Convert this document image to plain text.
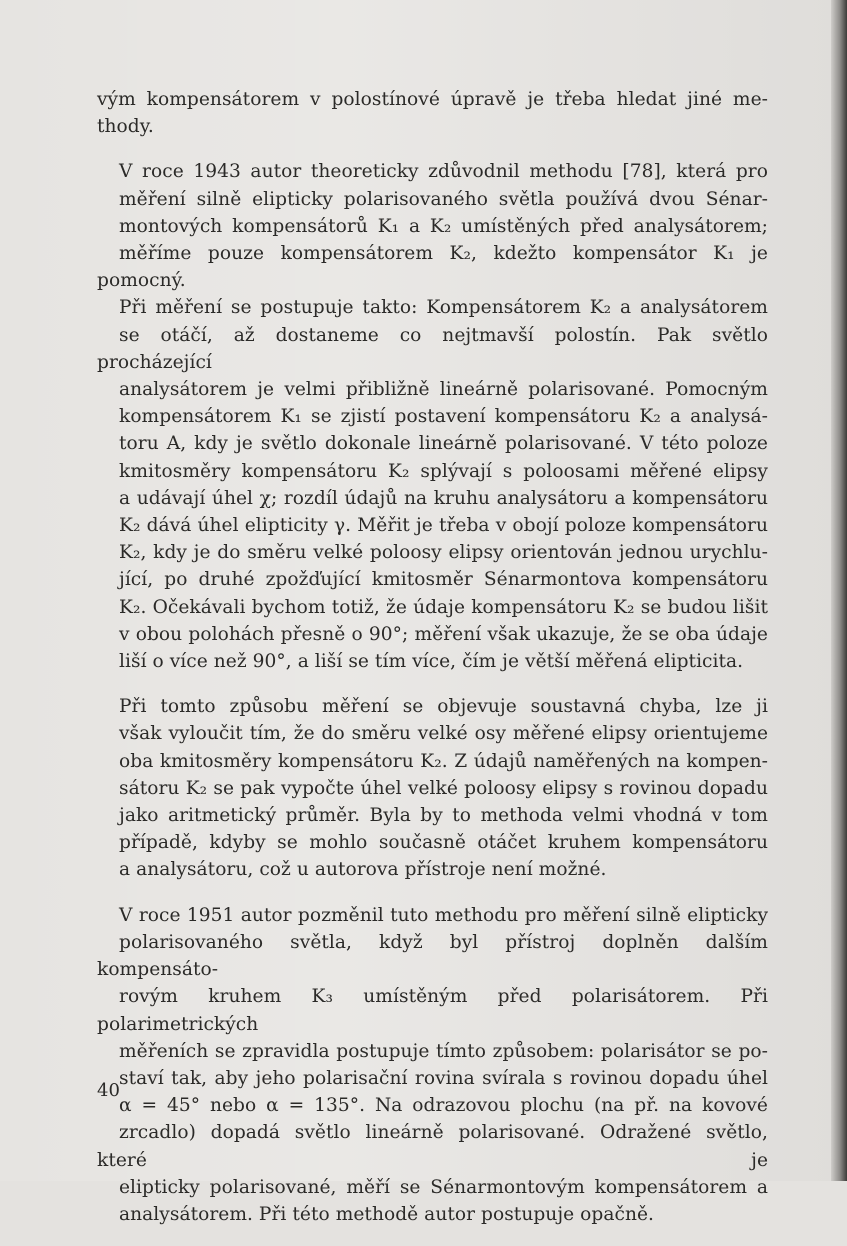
vým kompensátorem v polostínové úpravě je třeba hledat jiné me-
thody.

V roce 1943 autor theoreticky zdůvodnil methodu [78], která pro
měření silně elipticky polarisovaného světla používá dvou Sénar-
montových kompensátorů K₁ a K₂ umístěných před analysátorem;
měříme pouze kompensátorem K₂, kdežto kompensátor K₁ je pomocný.
Při měření se postupuje takto: Kompensátorem K₂ a analysátorem
se otáčí, až dostaneme co nejtmavší polostín. Pak světlo procházející
analysátorem je velmi přibližně lineárně polarisované. Pomocným
kompensátorem K₁ se zjistí postavení kompensátoru K₂ a analysá-
toru A, kdy je světlo dokonale lineárně polarisované. V této poloze
kmitosměry kompensátoru K₂ splývají s poloosami měřené elipsy
a udávají úhel χ; rozdíl údajů na kruhu analysátoru a kompensátoru
K₂ dává úhel elipticity γ. Měřit je třeba v obojí poloze kompensátoru
K₂, kdy je do směru velké poloosy elipsy orientován jednou urychlu-
jící, po druhé zpožďující kmitosměr Sénarmontova kompensátoru
K₂. Očekávali bychom totiž, že údaje kompensátoru K₂ se budou lišit
v obou polohách přesně o 90°; měření však ukazuje, že se oba údaje
liší o více než 90°, a liší se tím více, čím je větší měřená elipticita.

Při tomto způsobu měření se objevuje soustavná chyba, lze ji
však vyloučit tím, že do směru velké osy měřené elipsy orientujeme
oba kmitosměry kompensátoru K₂. Z údajů naměřených na kompen-
sátoru K₂ se pak vypočte úhel velké poloosy elipsy s rovinou dopadu
jako aritmetický průměr. Byla by to methoda velmi vhodná v tom
případě, kdyby se mohlo současně otáčet kruhem kompensátoru
a analysátoru, což u autorova přístroje není možné.

V roce 1951 autor pozměnil tuto methodu pro měření silně elipticky
polarisovaného světla, když byl přístroj doplněn dalším kompensáto-
rovým kruhem K₃ umístěným před polarisátorem. Při polarimetrických
měřeních se zpravidla postupuje tímto způsobem: polarisátor se po-
staví tak, aby jeho polarisační rovina svírala s rovinou dopadu úhel
α = 45° nebo α = 135°. Na odrazovou plochu (na př. na kovové
zrcadlo) dopadá světlo lineárně polarisované. Odražené světlo, které je
elipticky polarisované, měří se Sénarmontovým kompensátorem a
analysátorem. Při této methodě autor postupuje opačně.

40
